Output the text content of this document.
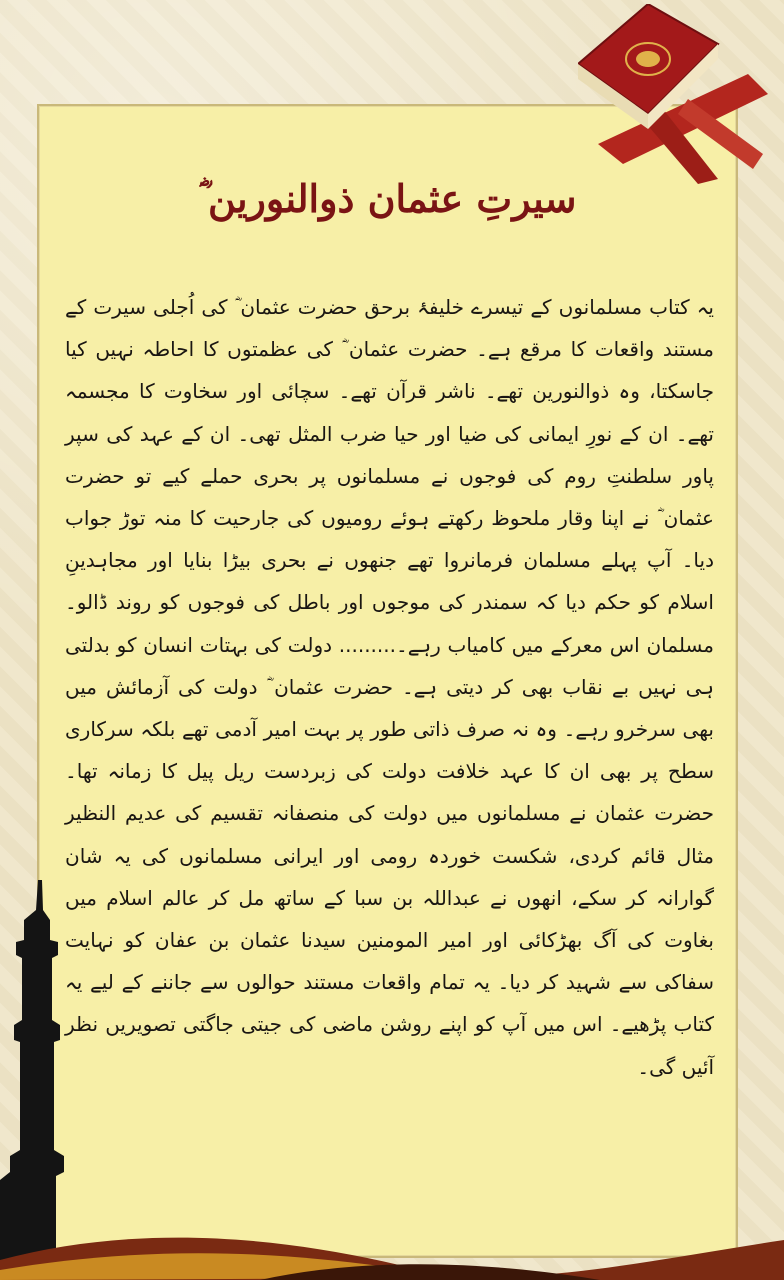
سیرتِ عثمان ذوالنورین ؓ
یہ کتاب مسلمانوں کے تیسرے خلیفۂ برحق حضرت عثمان ؓ کی اُجلی سیرت کے مستند واقعات کا مرقع ہے۔ حضرت عثمان ؓ کی عظمتوں کا احاطہ نہیں کیا جاسکتا، وہ ذوالنورین تھے۔ ناشر قرآن تھے۔ سچائی اور سخاوت کا مجسمہ تھے۔ ان کے نورِ ایمانی کی ضیا اور حیا ضرب المثل تھی۔ ان کے عہد کی سپر پاور سلطنتِ روم کی فوجوں نے مسلمانوں پر بحری حملے کیے تو حضرت عثمان ؓ نے اپنا وقار ملحوظ رکھتے ہوئے رومیوں کی جارحیت کا منہ توڑ جواب دیا۔ آپ پہلے مسلمان فرمانروا تھے جنھوں نے بحری بیڑا بنایا اور مجاہدینِ اسلام کو حکم دیا کہ سمندر کی موجوں اور باطل کی فوجوں کو روند ڈالو۔ مسلمان اس معرکے میں کامیاب رہے۔......... دولت کی بہتات انسان کو بدلتی ہی نہیں بے نقاب بھی کر دیتی ہے۔ حضرت عثمان ؓ دولت کی آزمائش میں بھی سرخرو رہے۔ وہ نہ صرف ذاتی طور پر بہت امیر آدمی تھے بلکہ سرکاری سطح پر بھی ان کا عہد خلافت دولت کی زبردست ریل پیل کا زمانہ تھا۔ حضرت عثمان نے مسلمانوں میں دولت کی منصفانہ تقسیم کی عدیم النظیر مثال قائم کردی، شکست خوردہ رومی اور ایرانی مسلمانوں کی یہ شان گوارانہ کر سکے، انھوں نے عبداللہ بن سبا کے ساتھ مل کر عالم اسلام میں بغاوت کی آگ بھڑکائی اور امیر المومنین سیدنا عثمان بن عفان کو نہایت سفاکی سے شہید کر دیا۔ یہ تمام واقعات مستند حوالوں سے جاننے کے لیے یہ کتاب پڑھیے۔ اس میں آپ کو اپنے روشن ماضی کی جیتی جاگتی تصویریں نظر آئیں گی۔
